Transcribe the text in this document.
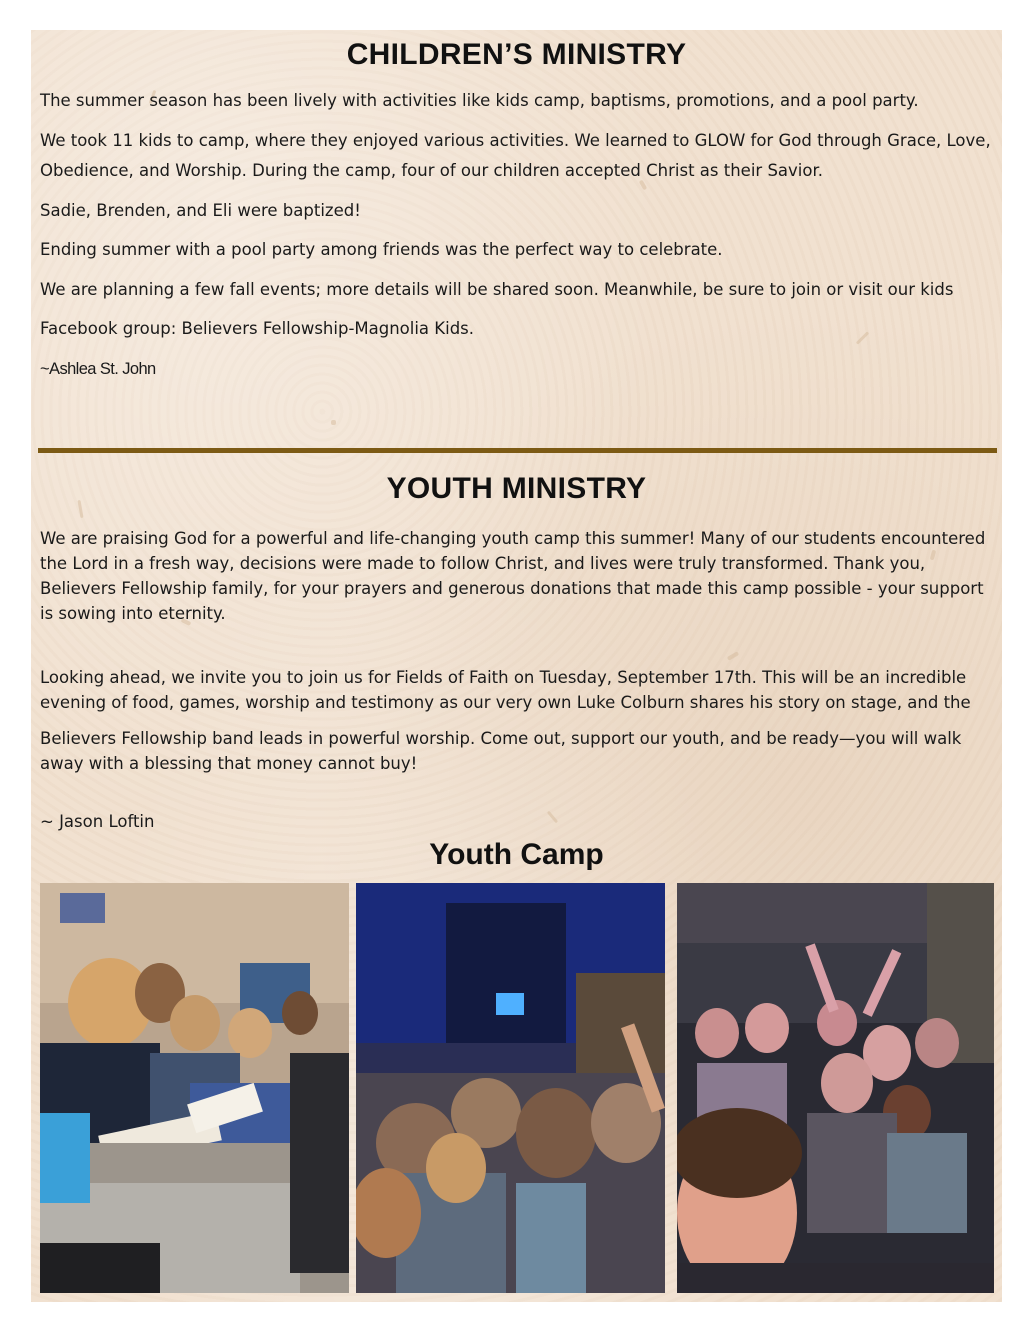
CHILDREN’S MINISTRY

The summer season has been lively with activities like kids camp, baptisms, promotions, and a pool party.

We took 11 kids to camp, where they enjoyed various activities. We learned to GLOW for God through Grace, Love, Obedience, and Worship. During the camp, four of our children accepted Christ as their Savior.

Sadie, Brenden, and Eli were baptized!

Ending summer with a pool party among friends was the perfect way to celebrate.

We are planning a few fall events; more details will be shared soon. Meanwhile, be sure to join or visit our kids

Facebook group: Believers Fellowship-Magnolia Kids.

~Ashlea St. John

YOUTH MINISTRY

We are praising God for a powerful and life-changing youth camp this summer! Many of our students encountered the Lord in a fresh way, decisions were made to follow Christ, and lives were truly transformed. Thank you, Believers Fellowship family, for your prayers and generous donations that made this camp possible - your support is sowing into eternity.

Looking ahead, we invite you to join us for Fields of Faith on Tuesday, September 17th. This will be an incredible evening of food, games, worship and testimony as our very own Luke Colburn shares his story on stage, and the

Believers Fellowship band leads in powerful worship. Come out, support our youth, and be ready—you will walk away with a blessing that money cannot buy!

~ Jason Loftin

Youth Camp
